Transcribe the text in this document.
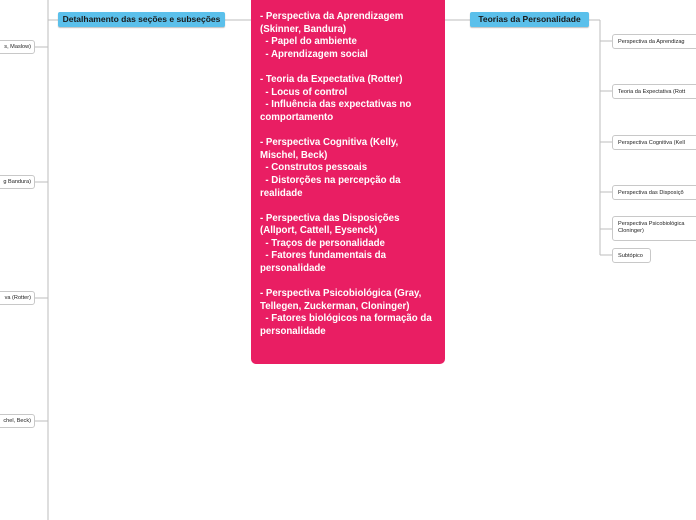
Detalhamento das seções e subseções	Teorias da Personalidade

- Perspectiva da Aprendizagem (Skinner, Bandura)
- Papel do ambiente
- Aprendizagem social

- Teoria da Expectativa (Rotter)
- Locus of control
- Influência das expectativas no comportamento

- Perspectiva Cognitiva (Kelly, Mischel, Beck)
- Construtos pessoais
- Distorções na percepção da realidade

- Perspectiva das Disposições (Allport, Cattell, Eysenck)
- Traços de personalidade
- Fatores fundamentais da personalidade

- Perspectiva Psicobiológica (Gray, Tellegen, Zuckerman, Cloninger)
- Fatores biológicos na formação da personalidade
s, Maslow)
g Bandura)
va (Rotter)
chel, Beck)
Perspectiva da Aprendizag
Teoria da Expectativa (Rott
Perspectiva Cognitiva (Kell
Perspectiva das Disposiçõ
Perspectiva Psicobiológica
Cloninger)
Subtópico
